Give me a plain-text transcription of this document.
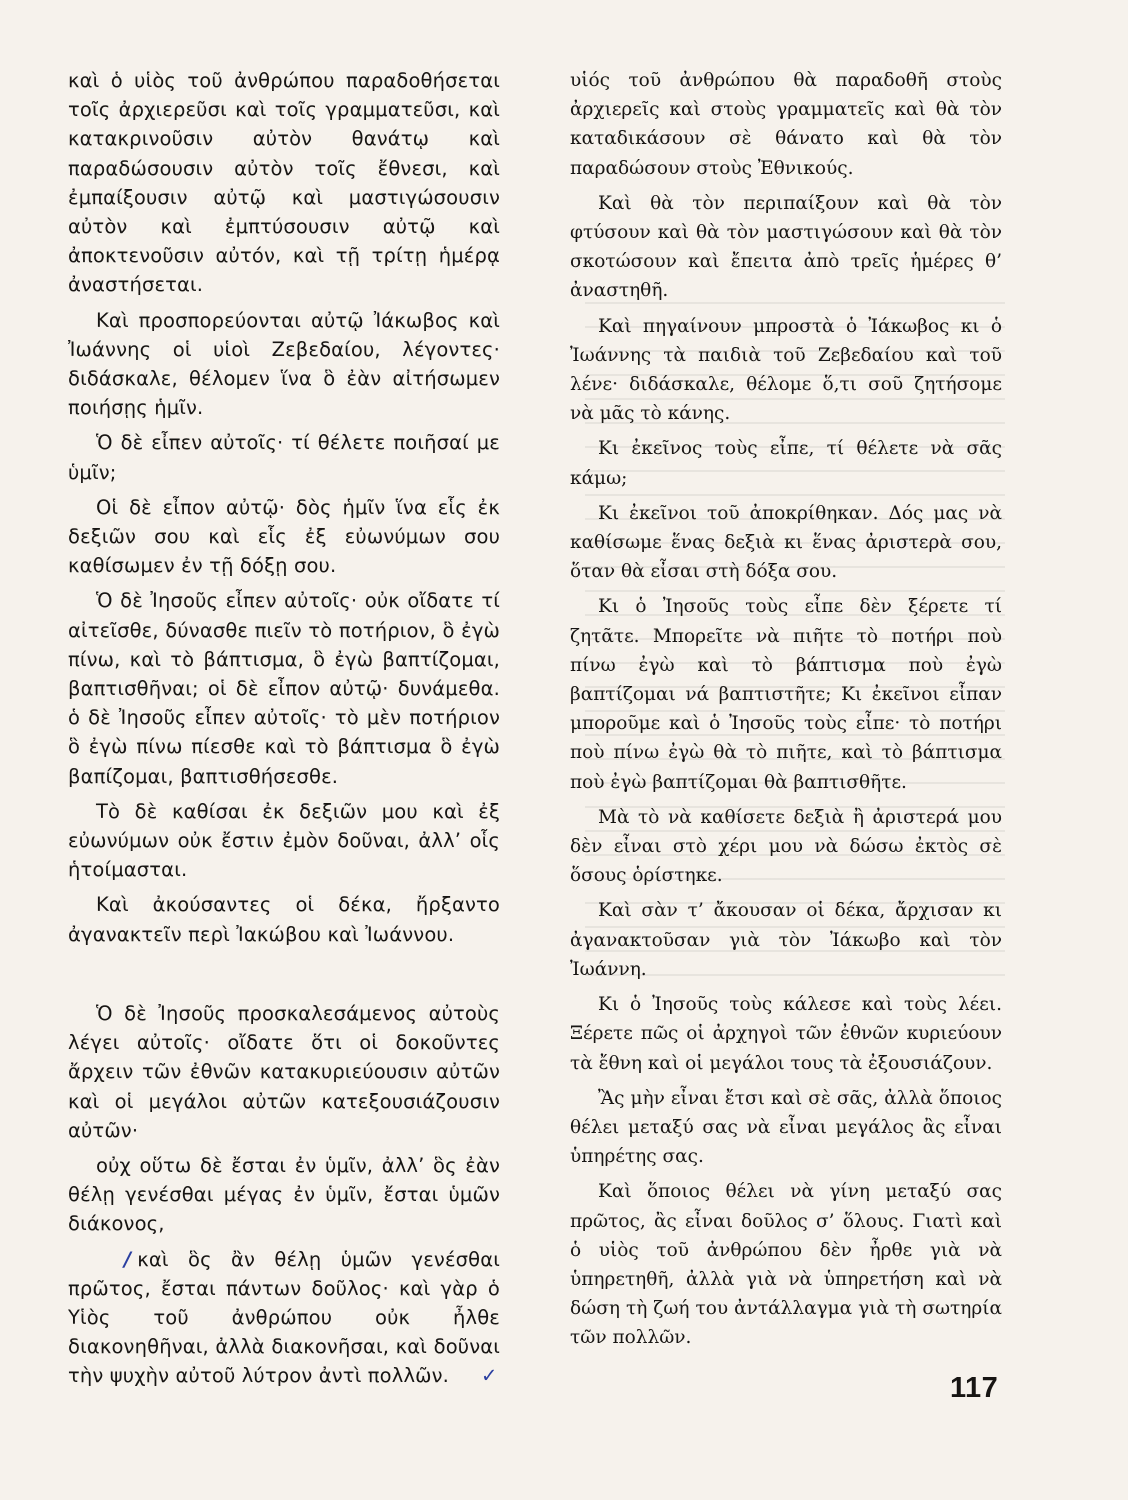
καὶ ὁ υἱὸς τοῦ ἀνθρώπου παραδοθήσεται τοῖς ἀρχιερεῦσι καὶ τοῖς γραμματεῦσι, καὶ κατακρινοῦσιν αὐτὸν θανάτῳ καὶ παραδώσουσιν αὐτὸν τοῖς ἔθνεσι, καὶ ἐμπαίξουσιν αὐτῷ καὶ μαστιγώσουσιν αὐτὸν καὶ ἐμπτύσουσιν αὐτῷ καὶ ἀποκτενοῦσιν αὐτόν, καὶ τῇ τρίτῃ ἡμέρᾳ ἀναστήσεται.

Καὶ προσπορεύονται αὐτῷ Ἰάκωβος καὶ Ἰωάννης οἱ υἱοὶ Ζεβεδαίου, λέγοντες· διδάσκαλε, θέλομεν ἵνα ὃ ἐὰν αἰτήσωμεν ποιήσῃς ἡμῖν.

Ὁ δὲ εἶπεν αὐτοῖς· τί θέλετε ποιῆσαί με ὑμῖν;

Οἱ δὲ εἶπον αὐτῷ· δὸς ἡμῖν ἵνα εἷς ἐκ δεξιῶν σου καὶ εἷς ἐξ εὐωνύμων σου καθίσωμεν ἐν τῇ δόξῃ σου.

Ὁ δὲ Ἰησοῦς εἶπεν αὐτοῖς· οὐκ οἴδατε τί αἰτεῖσθε, δύνασθε πιεῖν τὸ ποτήριον, ὃ ἐγὼ πίνω, καὶ τὸ βάπτισμα, ὃ ἐγὼ βαπτίζομαι, βαπτισθῆναι; οἱ δὲ εἶπον αὐτῷ· δυνάμεθα. ὁ δὲ Ἰησοῦς εἶπεν αὐτοῖς· τὸ μὲν ποτήριον ὃ ἐγὼ πίνω πίεσθε καὶ τὸ βάπτισμα ὃ ἐγὼ βαπίζομαι, βαπτισθήσεσθε.

Τὸ δὲ καθίσαι ἐκ δεξιῶν μου καὶ ἐξ εὐωνύμων οὐκ ἔστιν ἐμὸν δοῦναι, ἀλλ’ οἷς ἡτοίμασται.

Καὶ ἀκούσαντες οἱ δέκα, ἤρξαντο ἀγανακτεῖν περὶ Ἰακώβου καὶ Ἰωάννου.

Ὁ δὲ Ἰησοῦς προσκαλεσάμενος αὐτοὺς λέγει αὐτοῖς· οἴδατε ὅτι οἱ δοκοῦντες ἄρχειν τῶν ἐθνῶν κατακυριεύουσιν αὐτῶν καὶ οἱ μεγάλοι αὐτῶν κατεξουσιάζουσιν αὐτῶν·

οὐχ οὕτω δὲ ἔσται ἐν ὑμῖν, ἀλλ’ ὃς ἐὰν θέλῃ γενέσθαι μέγας ἐν ὑμῖν, ἔσται ὑμῶν διάκονος,

/ καὶ ὃς ἂν θέλῃ ὑμῶν γενέσθαι πρῶτος, ἔσται πάντων δοῦλος· καὶ γὰρ ὁ Υἱὸς τοῦ ἀνθρώπου οὐκ ἦλθε διακονηθῆναι, ἀλλὰ διακονῆσαι, καὶ δοῦναι τὴν ψυχὴν αὐτοῦ λύτρον ἀντὶ πολλῶν. ✓

υἱός τοῦ ἀνθρώπου θὰ παραδοθῆ στοὺς ἀρχιερεῖς καὶ στοὺς γραμματεῖς καὶ θὰ τὸν καταδικάσουν σὲ θάνατο καὶ θὰ τὸν παραδώσουν στοὺς Ἐθνικούς.

Καὶ θὰ τὸν περιπαίξουν καὶ θὰ τὸν φτύσουν καὶ θὰ τὸν μαστιγώσουν καὶ θὰ τὸν σκοτώσουν καὶ ἔπειτα ἀπὸ τρεῖς ἡμέρες θ’ ἀναστηθῆ.

Καὶ πηγαίνουν μπροστὰ ὁ Ἰάκωβος κι ὁ Ἰωάννης τὰ παιδιὰ τοῦ Ζεβεδαίου καὶ τοῦ λένε· διδάσκαλε, θέλομε ὅ,τι σοῦ ζητήσομε νὰ μᾶς τὸ κάνης.

Κι ἐκεῖνος τοὺς εἶπε, τί θέλετε νὰ σᾶς κάμω;

Κι ἐκεῖνοι τοῦ ἀποκρίθηκαν. Δός μας νὰ καθίσωμε ἕνας δεξιὰ κι ἕνας ἀριστερὰ σου, ὅταν θὰ εἶσαι στὴ δόξα σου.

Κι ὁ Ἰησοῦς τοὺς εἶπε δὲν ξέρετε τί ζητᾶτε. Μπορεῖτε νὰ πιῆτε τὸ ποτήρι ποὺ πίνω ἐγὼ καὶ τὸ βάπτισμα ποὺ ἐγὼ βαπτίζομαι νά βαπτιστῆτε; Κι ἐκεῖνοι εἶπαν μποροῦμε καὶ ὁ Ἰησοῦς τοὺς εἶπε· τὸ ποτήρι ποὺ πίνω ἐγὼ θὰ τὸ πιῆτε, καὶ τὸ βάπτισμα ποὺ ἐγὼ βαπτίζομαι θὰ βαπτισθῆτε.

Μὰ τὸ νὰ καθίσετε δεξιὰ ἢ ἀριστερά μου δὲν εἶναι στὸ χέρι μου νὰ δώσω ἐκτὸς σὲ ὅσους ὁρίστηκε.

Καὶ σὰν τ’ ἄκουσαν οἱ δέκα, ἄρχισαν κι ἀγανακτοῦσαν γιὰ τὸν Ἰάκωβο καὶ τὸν Ἰωάννη.

Κι ὁ Ἰησοῦς τοὺς κάλεσε καὶ τοὺς λέει. Ξέρετε πῶς οἱ ἀρχηγοὶ τῶν ἐθνῶν κυριεύουν τὰ ἔθνη καὶ οἱ μεγάλοι τους τὰ ἐξουσιάζουν.

Ἂς μὴν εἶναι ἔτσι καὶ σὲ σᾶς, ἀλλὰ ὅποιος θέλει μεταξύ σας νὰ εἶναι μεγάλος ἂς εἶναι ὑπηρέτης σας.

Καὶ ὅποιος θέλει νὰ γίνη μεταξύ σας πρῶτος, ἂς εἶναι δοῦλος σ’ ὅλους. Γιατὶ καὶ ὁ υἱὸς τοῦ ἀνθρώπου δὲν ἦρθε γιὰ νὰ ὑπηρετηθῆ, ἀλλὰ γιὰ νὰ ὑπηρετήση καὶ νὰ δώση τὴ ζωή του ἀντάλλαγμα γιὰ τὴ σωτηρία τῶν πολλῶν.

117
